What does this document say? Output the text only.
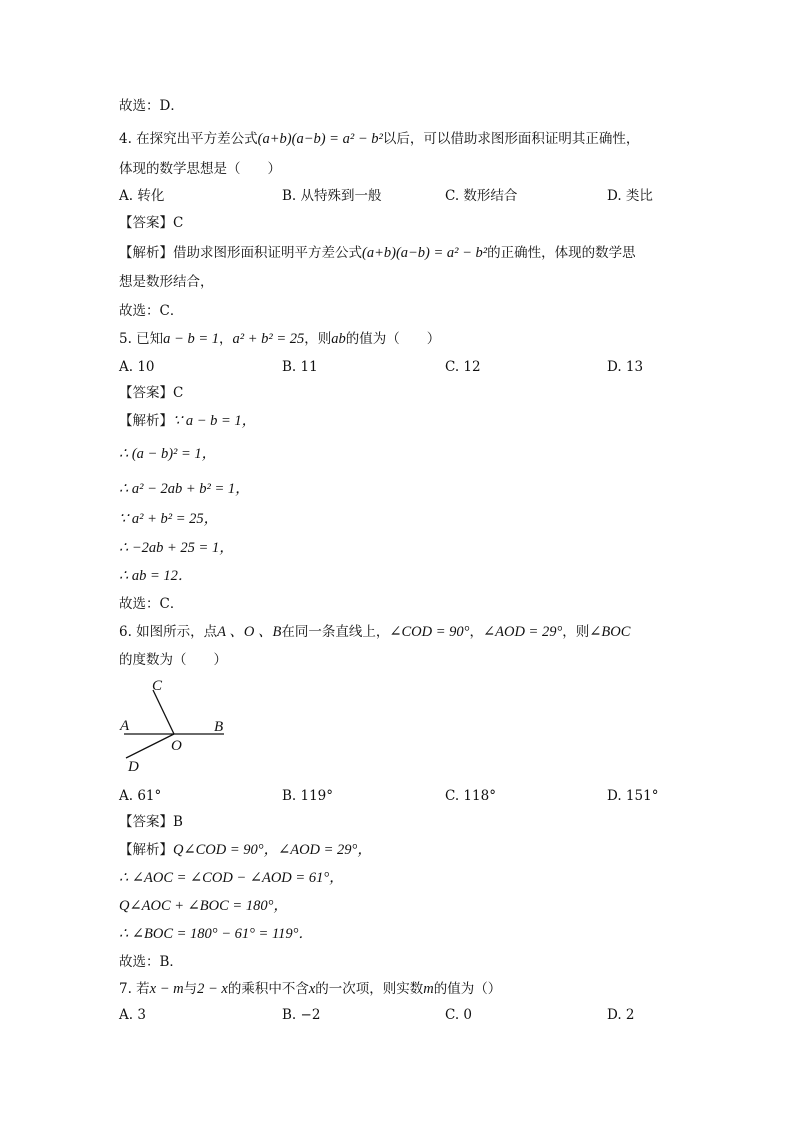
故选：D．
4. 在探究出平方差公式(a+b)(a−b) = a² − b²以后，可以借助求图形面积证明其正确性，
体现的数学思想是（　　）
A. 转化	B. 从特殊到一般	C. 数形结合	D. 类比
【答案】C
【解析】借助求图形面积证明平方差公式(a+b)(a−b) = a² − b²的正确性，体现的数学思
想是数形结合，
故选：C．
5. 已知a − b = 1，a² + b² = 25，则ab的值为（　　）
A. 10	B. 11	C. 12	D. 13
【答案】C
【解析】∵ a − b = 1，
∴ (a − b)² = 1，
∴ a² − 2ab + b² = 1，
∵ a² + b² = 25，
∴ −2ab + 25 = 1，
∴ ab = 12．
故选：C．
6. 如图所示，点A 、O 、B在同一条直线上，∠COD = 90°，∠AOD = 29°，则∠BOC
的度数为（　　）
C
A	B
O
D
A. 61°	B. 119°	C. 118°	D. 151°
【答案】B
【解析】Q∠COD = 90°，∠AOD = 29°，
∴ ∠AOC = ∠COD − ∠AOD = 61°，
Q∠AOC + ∠BOC = 180°，
∴ ∠BOC = 180° − 61° = 119°．
故选：B．
7. 若x − m与2 − x的乘积中不含x的一次项，则实数m的值为（）
A. 3	B. −2	C. 0	D. 2
